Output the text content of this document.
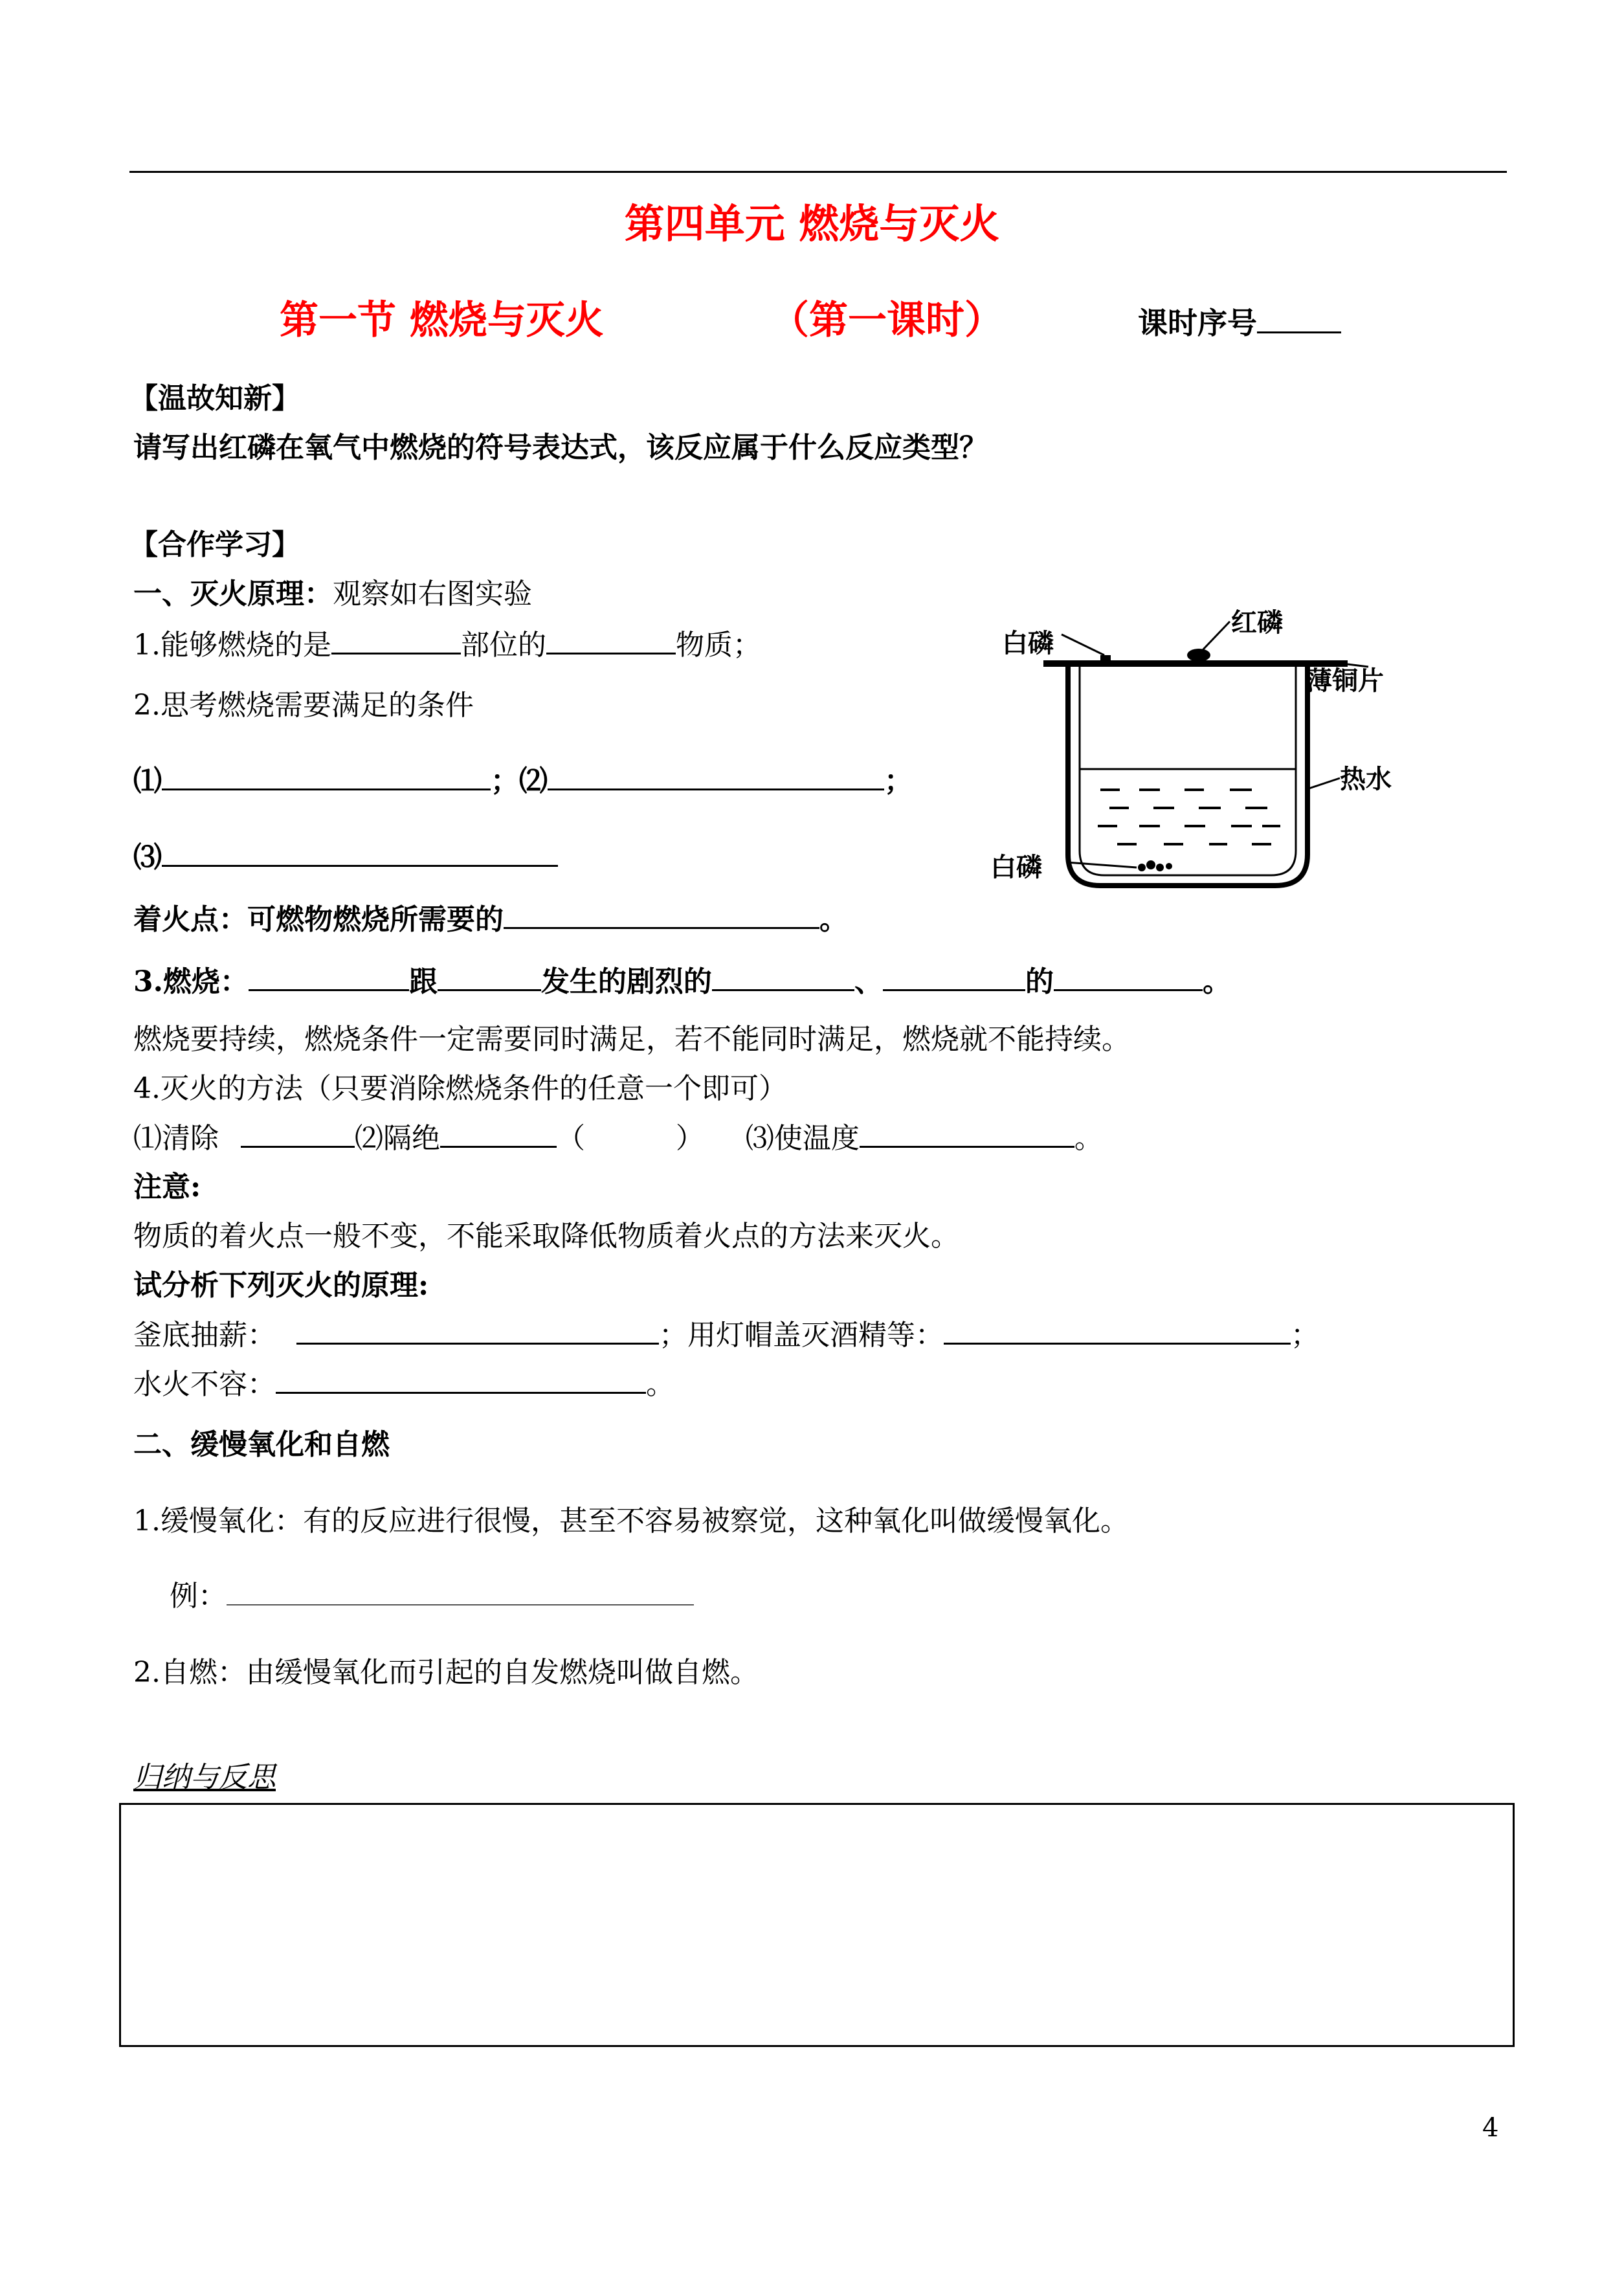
第四单元 燃烧与灭火
第一节 燃烧与灭火	（第一课时）	课时序号
【温故知新】
请写出红磷在氧气中燃烧的符号表达式，该反应属于什么反应类型？
【合作学习】
一、灭火原理：观察如右图实验
1.能够燃烧的是	部位的	物质；
2.思考燃烧需要满足的条件
⑴	；⑵	；
⑶
着火点：可燃物燃烧所需要的	。
3.燃烧：	跟	发生的剧烈的	、	的	。
燃烧要持续，燃烧条件一定需要同时满足，若不能同时满足，燃烧就不能持续。
4.灭火的方法（只要消除燃烧条件的任意一个即可）
⑴清除	⑵隔绝	（          ） ⑶使温度	。
注意:
物质的着火点一般不变，不能采取降低物质着火点的方法来灭火。
试分析下列灭火的原理:
釜底抽薪：	；用灯帽盖灭酒精等：	；
水火不容：	。
二、缓慢氧化和自燃
1.缓慢氧化：有的反应进行很慢，甚至不容易被察觉，这种氧化叫做缓慢氧化。
例：
2.自燃：由缓慢氧化而引起的自发燃烧叫做自燃。
归纳与反思
4
白磷
红磷
薄铜片
热水
白磷
